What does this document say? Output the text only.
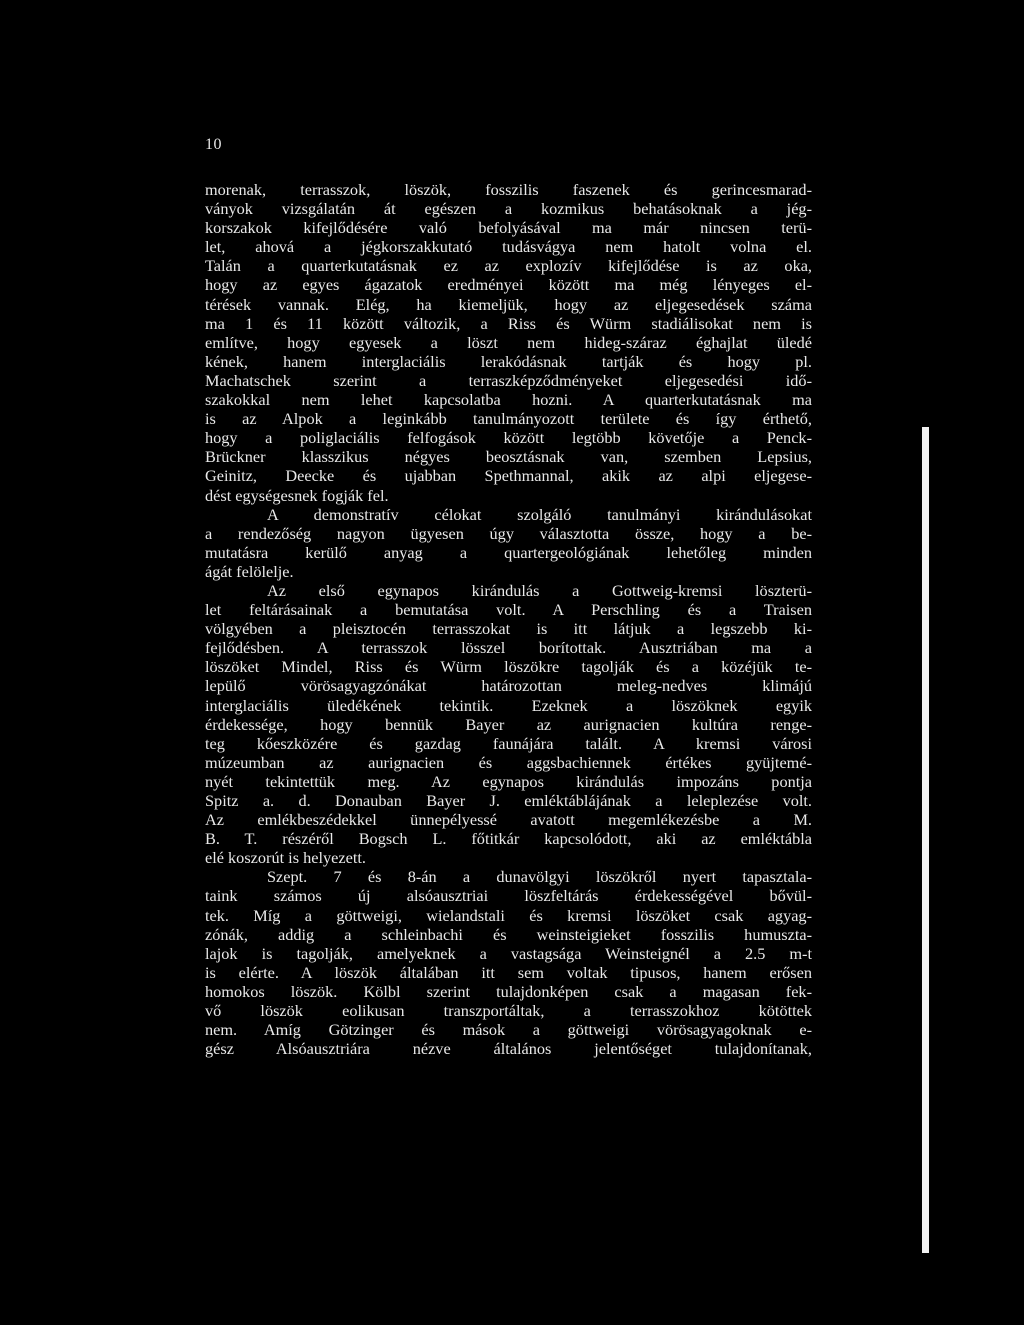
10
morenak, terrasszok, löszök, fosszilis faszenek és gerincesmarad-
ványok vizsgálatán át egészen a kozmikus behatásoknak a jég-
korszakok kifejlődésére való befolyásával ma már nincsen terü-
let, ahová a jégkorszakkutató tudásvágya nem hatolt volna el.
Talán a quarterkutatásnak ez az explozív kifejlődése is az oka,
hogy az egyes ágazatok eredményei között ma még lényeges el-
térések vannak. Elég, ha kiemeljük, hogy az eljegesedések száma
ma 1 és 11 között változik, a Riss és Würm stadiálisokat nem is
említve, hogy egyesek a löszt nem hideg-száraz éghajlat üledé
kének, hanem interglaciális lerakódásnak tartják és hogy pl.
Machatschek szerint a terraszképződményeket eljegesedési idő-
szakokkal nem lehet kapcsolatba hozni. A quarterkutatásnak ma
is az Alpok a leginkább tanulmányozott területe és így érthető,
hogy a poliglaciális felfogások között legtöbb követője a Penck-
Brückner klasszikus négyes beosztásnak van, szemben Lepsius,
Geinitz, Deecke és ujabban Spethmannal, akik az alpi eljegese-
dést egységesnek fogják fel.
A demonstratív célokat szolgáló tanulmányi kirándulásokat
a rendezőség nagyon ügyesen úgy választotta össze, hogy a be-
mutatásra kerülő anyag a quartergeológiának lehetőleg minden
ágát felölelje.
Az első egynapos kirándulás a Gottweig-kremsi löszterü-
let feltárásainak a bemutatása volt. A Perschling és a Traisen
völgyében a pleisztocén terrasszokat is itt látjuk a legszebb ki-
fejlődésben. A terrasszok lösszel borítottak. Ausztriában ma a
löszöket Mindel, Riss és Würm löszökre tagolják és a közéjük te-
lepülő vörösagyagzónákat határozottan meleg-nedves klimájú
interglaciális üledékének tekintik. Ezeknek a löszöknek egyik
érdekessége, hogy bennük Bayer az aurignacien kultúra renge-
teg kőeszközére és gazdag faunájára talált. A kremsi városi
múzeumban az aurignacien és aggsbachiennek értékes gyüjtemé-
nyét tekintettük meg. Az egynapos kirándulás impozáns pontja
Spitz a. d. Donauban Bayer J. emléktáblájának a leleplezése volt.
Az emlékbeszédekkel ünnepélyessé avatott megemlékezésbe a M.
B. T. részéről Bogsch L. főtitkár kapcsolódott, aki az emléktábla
elé koszorút is helyezett.
Szept. 7 és 8-án a dunavölgyi löszökről nyert tapasztala-
taink számos új alsóausztriai löszfeltárás érdekességével bővül-
tek. Míg a göttweigi, wielandstali és kremsi löszöket csak agyag-
zónák, addig a schleinbachi és weinsteigieket fosszilis humuszta-
lajok is tagolják, amelyeknek a vastagsága Weinsteignél a 2.5 m-t
is elérte. A löszök általában itt sem voltak tipusos, hanem erősen
homokos löszök. Kölbl szerint tulajdonképen csak a magasan fek-
vő löszök eolikusan transzportáltak, a terrasszokhoz kötöttek
nem. Amíg Götzinger és mások a göttweigi vörösagyagoknak e-
gész Alsóausztriára nézve általános jelentőséget tulajdonítanak,
